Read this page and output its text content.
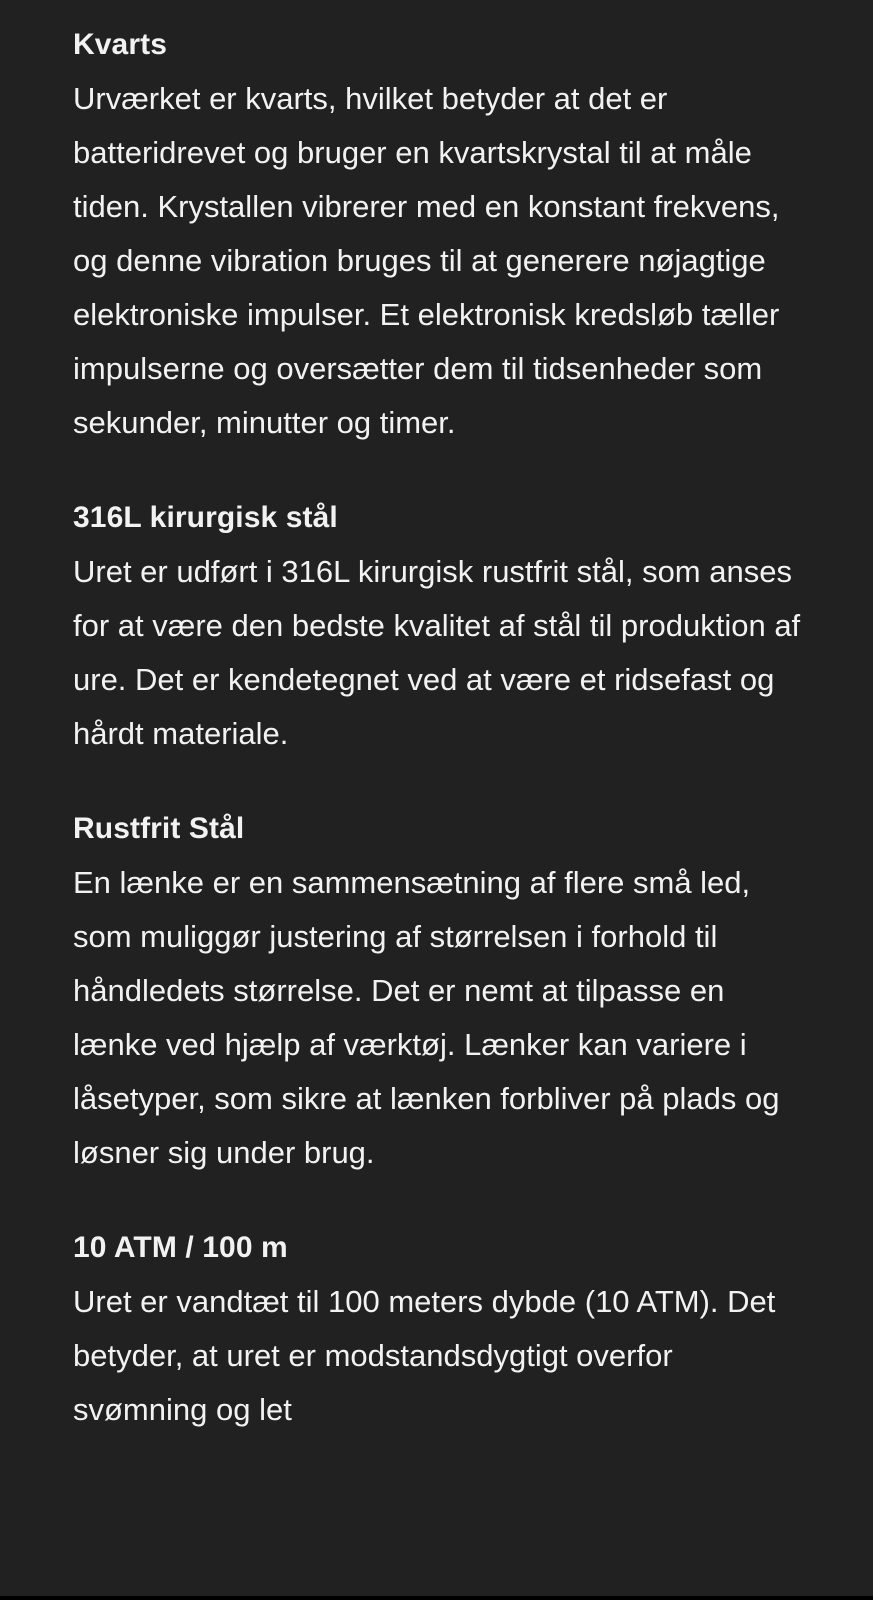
Kvarts
Urværket er kvarts, hvilket betyder at det er batteridrevet og bruger en kvartskrystal til at måle tiden. Krystallen vibrerer med en konstant frekvens, og denne vibration bruges til at generere nøjagtige elektroniske impulser. Et elektronisk kredsløb tæller impulserne og oversætter dem til tidsenheder som sekunder, minutter og timer.
316L kirurgisk stål
Uret er udført i 316L kirurgisk rustfrit stål, som anses for at være den bedste kvalitet af stål til produktion af ure. Det er kendetegnet ved at være et ridsefast og hårdt materiale.
Rustfrit Stål
En lænke er en sammensætning af flere små led, som muliggør justering af størrelsen i forhold til håndledets størrelse. Det er nemt at tilpasse en lænke ved hjælp af værktøj. Lænker kan variere i låsetyper, som sikre at lænken forbliver på plads og løsner sig under brug.
10 ATM / 100 m
Uret er vandtæt til 100 meters dybde (10 ATM). Det betyder, at uret er modstandsdygtigt overfor svømning og let
